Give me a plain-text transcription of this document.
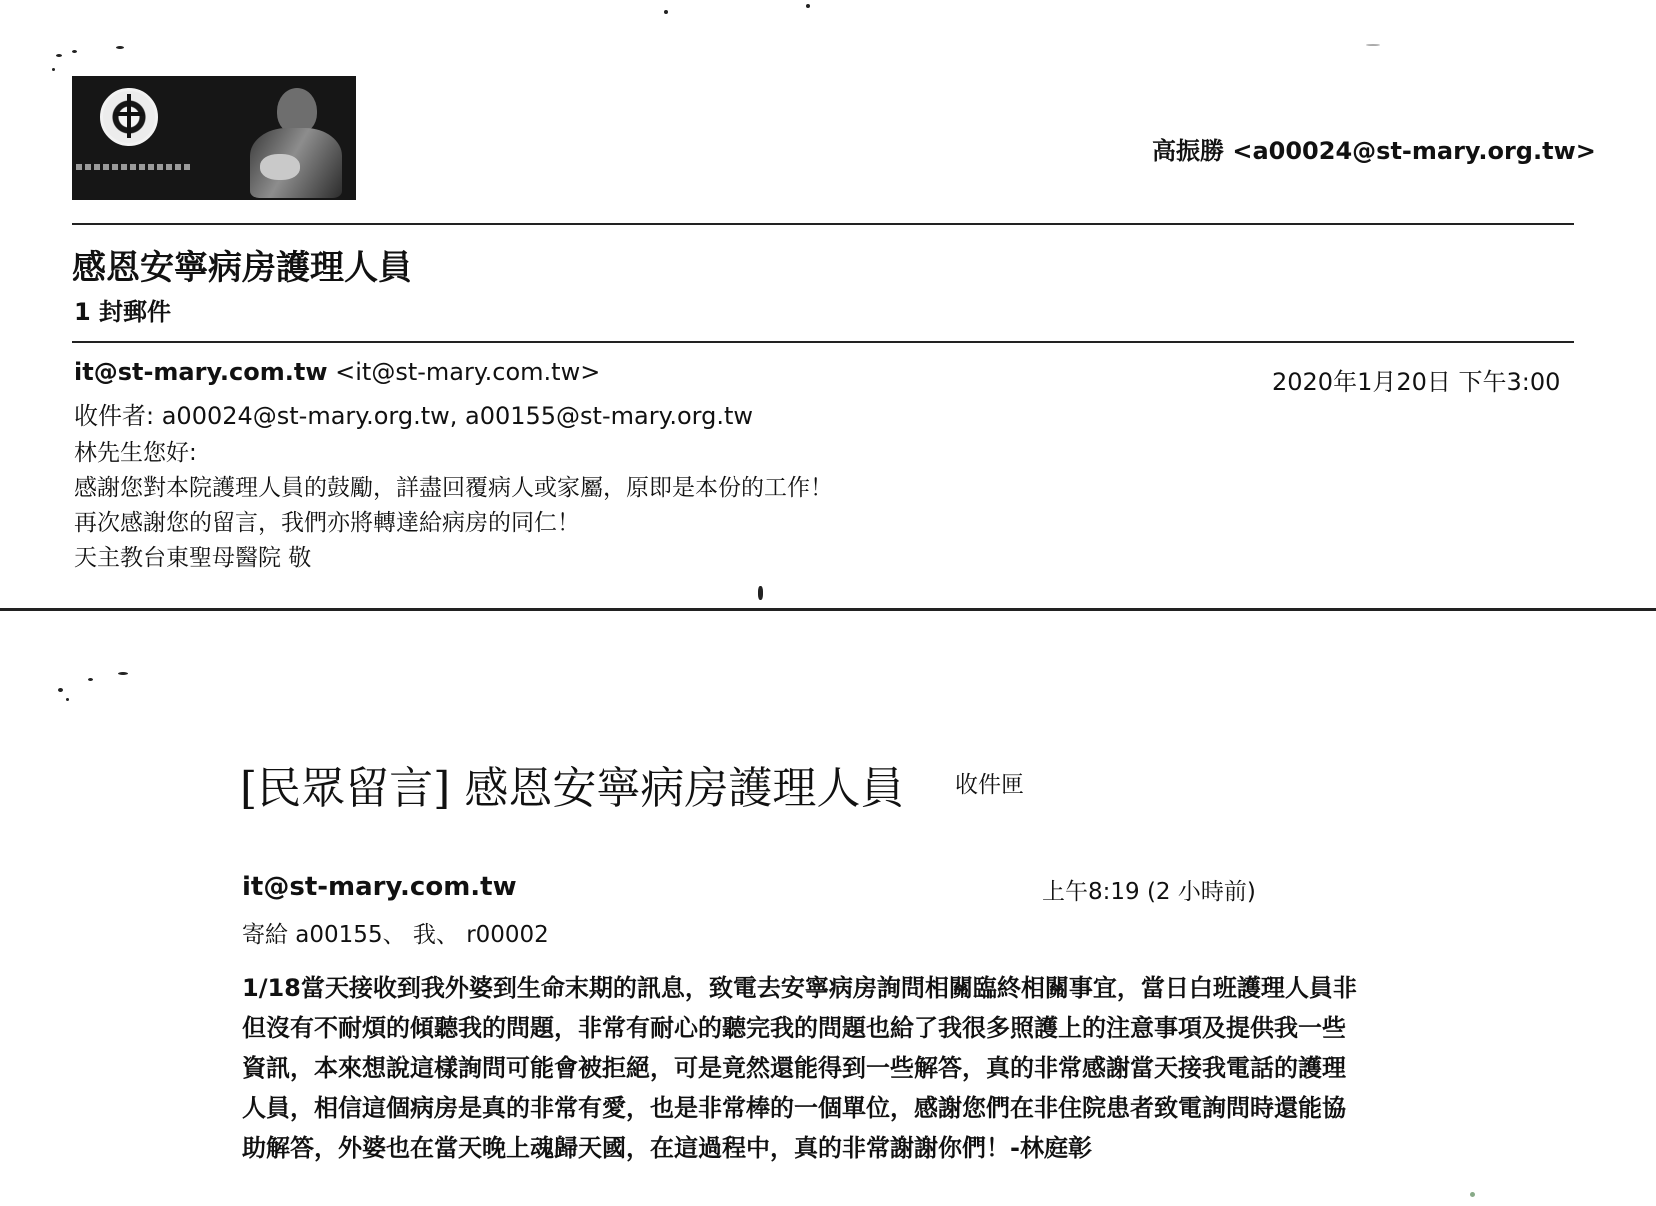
高振勝 <a00024@st-mary.org.tw>
感恩安寧病房護理人員
1 封郵件
it@st-mary.com.tw <it@st-mary.com.tw>	2020年1月20日 下午3:00
收件者: a00024@st-mary.org.tw, a00155@st-mary.org.tw
林先生您好:
感謝您對本院護理人員的鼓勵，詳盡回覆病人或家屬，原即是本份的工作！
再次感謝您的留言，我們亦將轉達給病房的同仁！
天主教台東聖母醫院 敬
[民眾留言] 感恩安寧病房護理人員 收件匣
it@st-mary.com.tw	上午8:19 (2 小時前)
寄給 a00155、 我、 r00002
1/18當天接收到我外婆到生命末期的訊息，致電去安寧病房詢問相關臨終相關事宜，當日白班護理人員非
但沒有不耐煩的傾聽我的問題，非常有耐心的聽完我的問題也給了我很多照護上的注意事項及提供我一些
資訊，本來想說這樣詢問可能會被拒絕，可是竟然還能得到一些解答，真的非常感謝當天接我電話的護理
人員，相信這個病房是真的非常有愛，也是非常棒的一個單位，感謝您們在非住院患者致電詢問時還能協
助解答，外婆也在當天晚上魂歸天國，在這過程中，真的非常謝謝你們！-林庭彰
